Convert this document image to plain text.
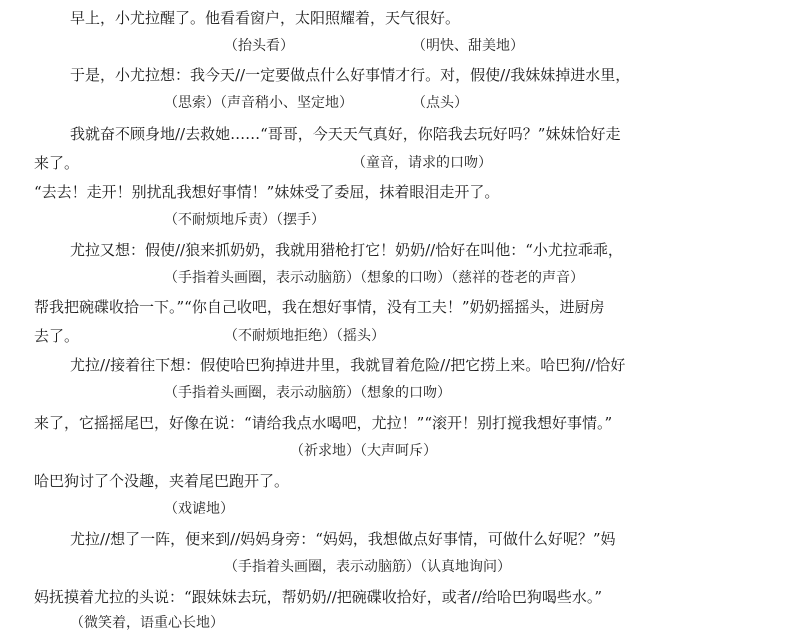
早上，小尤拉醒了。他看看窗户，太阳照耀着，天气很好。
（抬头看）	（明快、甜美地）
于是，小尤拉想：我今天//一定要做点什么好事情才行。对，假使//我妹妹掉进水里，
（思索）（声音稍小、坚定地）	（点头）
我就奋不顾身地//去救她……“哥哥，今天天气真好，你陪我去玩好吗？”妹妹恰好走
来了。	（童音，请求的口吻）
“去去！走开！别扰乱我想好事情！”妹妹受了委屈，抹着眼泪走开了。
（不耐烦地斥责）（摆手）
尤拉又想：假使//狼来抓奶奶，我就用猎枪打它！奶奶//恰好在叫他：“小尤拉乖乖，
（手指着头画圈，表示动脑筋）（想象的口吻）（慈祥的苍老的声音）
帮我把碗碟收拾一下。”“你自己收吧，我在想好事情，没有工夫！”奶奶摇摇头，进厨房
去了。	（不耐烦地拒绝）（摇头）
尤拉//接着往下想：假使哈巴狗掉进井里，我就冒着危险//把它捞上来。哈巴狗//恰好
（手指着头画圈，表示动脑筋）（想象的口吻）
来了，它摇摇尾巴，好像在说：“请给我点水喝吧，尤拉！”“滚开！别打搅我想好事情。”
（祈求地）（大声呵斥）
哈巴狗讨了个没趣，夹着尾巴跑开了。
（戏谑地）
尤拉//想了一阵，便来到//妈妈身旁：“妈妈，我想做点好事情，可做什么好呢？”妈
（手指着头画圈，表示动脑筋）（认真地询问）
妈抚摸着尤拉的头说：“跟妹妹去玩，帮奶奶//把碗碟收拾好，或者//给哈巴狗喝些水。”
（微笑着，语重心长地）
